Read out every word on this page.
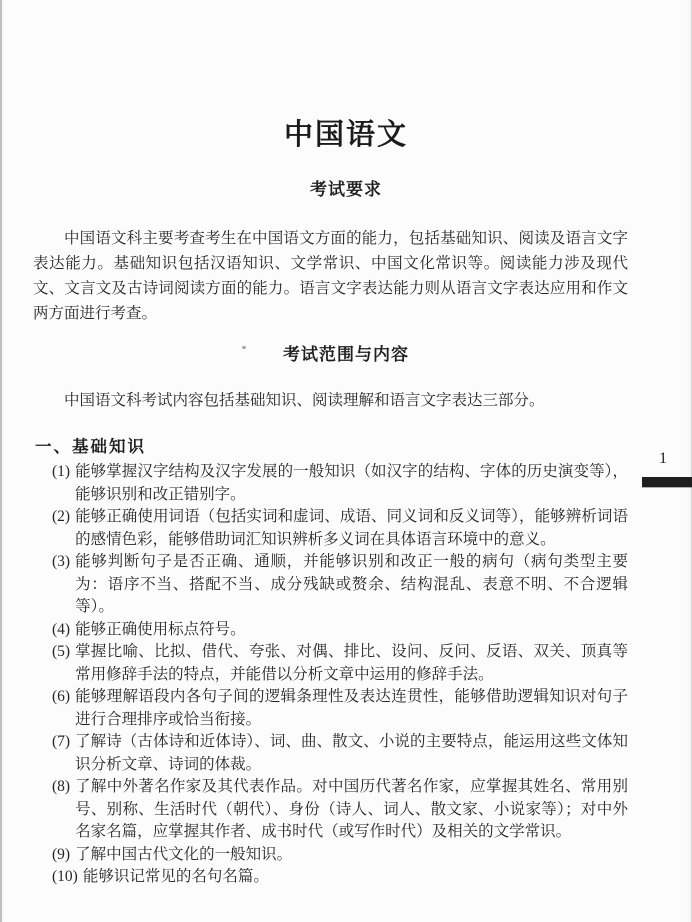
中国语文
考试要求

中国语文科主要考查考生在中国语文方面的能力，包括基础知识、阅读及语言文字表达能力。基础知识包括汉语知识、文学常识、中国文化常识等。阅读能力涉及现代文、文言文及古诗词阅读方面的能力。语言文字表达能力则从语言文字表达应用和作文两方面进行考查。

考试范围与内容

中国语文科考试内容包括基础知识、阅读理解和语言文字表达三部分。

一、基础知识
(1) 能够掌握汉字结构及汉字发展的一般知识（如汉字的结构、字体的历史演变等），能够识别和改正错别字。
(2) 能够正确使用词语（包括实词和虚词、成语、同义词和反义词等），能够辨析词语的感情色彩，能够借助词汇知识辨析多义词在具体语言环境中的意义。
(3) 能够判断句子是否正确、通顺，并能够识别和改正一般的病句（病句类型主要为：语序不当、搭配不当、成分残缺或赘余、结构混乱、表意不明、不合逻辑等）。
(4) 能够正确使用标点符号。
(5) 掌握比喻、比拟、借代、夸张、对偶、排比、设问、反问、反语、双关、顶真等常用修辞手法的特点，并能借以分析文章中运用的修辞手法。
(6) 能够理解语段内各句子间的逻辑条理性及表达连贯性，能够借助逻辑知识对句子进行合理排序或恰当衔接。
(7) 了解诗（古体诗和近体诗）、词、曲、散文、小说的主要特点，能运用这些文体知识分析文章、诗词的体裁。
(8) 了解中外著名作家及其代表作品。对中国历代著名作家，应掌握其姓名、常用别号、别称、生活时代（朝代）、身份（诗人、词人、散文家、小说家等）；对中外名家名篇，应掌握其作者、成书时代（或写作时代）及相关的文学常识。
(9) 了解中国古代文化的一般知识。
(10) 能够识记常见的名句名篇。
1
